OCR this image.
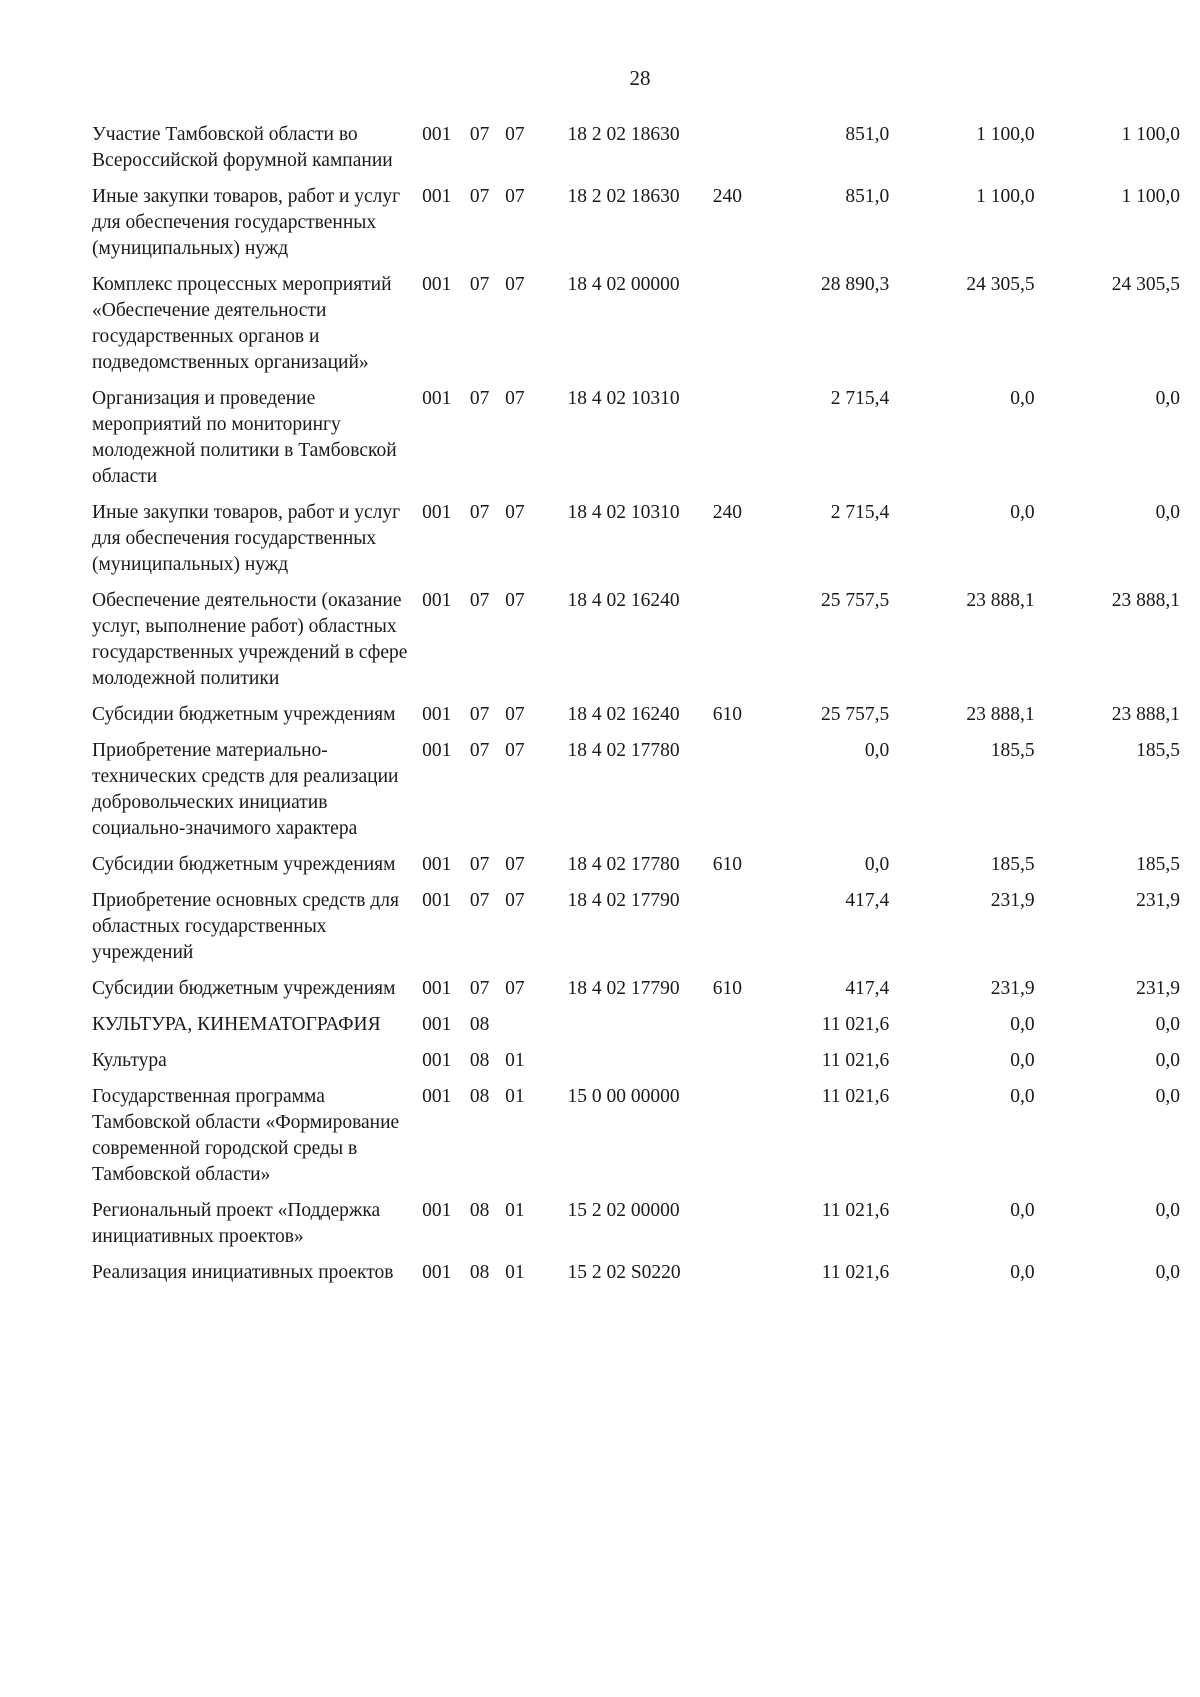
28
Участие Тамбовской области во Всероссийской форумной кампании	001	07	07	18 2 02 18630		851,0	1 100,0	1 100,0
Иные закупки товаров, работ и услуг для обеспечения государственных (муниципальных) нужд	001	07	07	18 2 02 18630	240	851,0	1 100,0	1 100,0
Комплекс процессных мероприятий «Обеспечение деятельности государственных органов и подведомственных организаций»	001	07	07	18 4 02 00000		28 890,3	24 305,5	24 305,5
Организация и проведение мероприятий по мониторингу молодежной политики в Тамбовской области	001	07	07	18 4 02 10310		2 715,4	0,0	0,0
Иные закупки товаров, работ и услуг для обеспечения государственных (муниципальных) нужд	001	07	07	18 4 02 10310	240	2 715,4	0,0	0,0
Обеспечение деятельности (оказание услуг, выполнение работ) областных государственных учреждений в сфере молодежной политики	001	07	07	18 4 02 16240		25 757,5	23 888,1	23 888,1
Субсидии бюджетным учреждениям	001	07	07	18 4 02 16240	610	25 757,5	23 888,1	23 888,1
Приобретение материально-технических средств для реализации добровольческих инициатив социально-значимого характера	001	07	07	18 4 02 17780		0,0	185,5	185,5
Субсидии бюджетным учреждениям	001	07	07	18 4 02 17780	610	0,0	185,5	185,5
Приобретение основных средств для областных государственных учреждений	001	07	07	18 4 02 17790		417,4	231,9	231,9
Субсидии бюджетным учреждениям	001	07	07	18 4 02 17790	610	417,4	231,9	231,9
КУЛЬТУРА, КИНЕМАТОГРАФИЯ	001	08				11 021,6	0,0	0,0
Культура	001	08	01			11 021,6	0,0	0,0
Государственная программа Тамбовской области «Формирование современной городской среды в Тамбовской области»	001	08	01	15 0 00 00000		11 021,6	0,0	0,0
Региональный проект «Поддержка инициативных проектов»	001	08	01	15 2 02 00000		11 021,6	0,0	0,0
Реализация инициативных проектов	001	08	01	15 2 02 S0220		11 021,6	0,0	0,0
